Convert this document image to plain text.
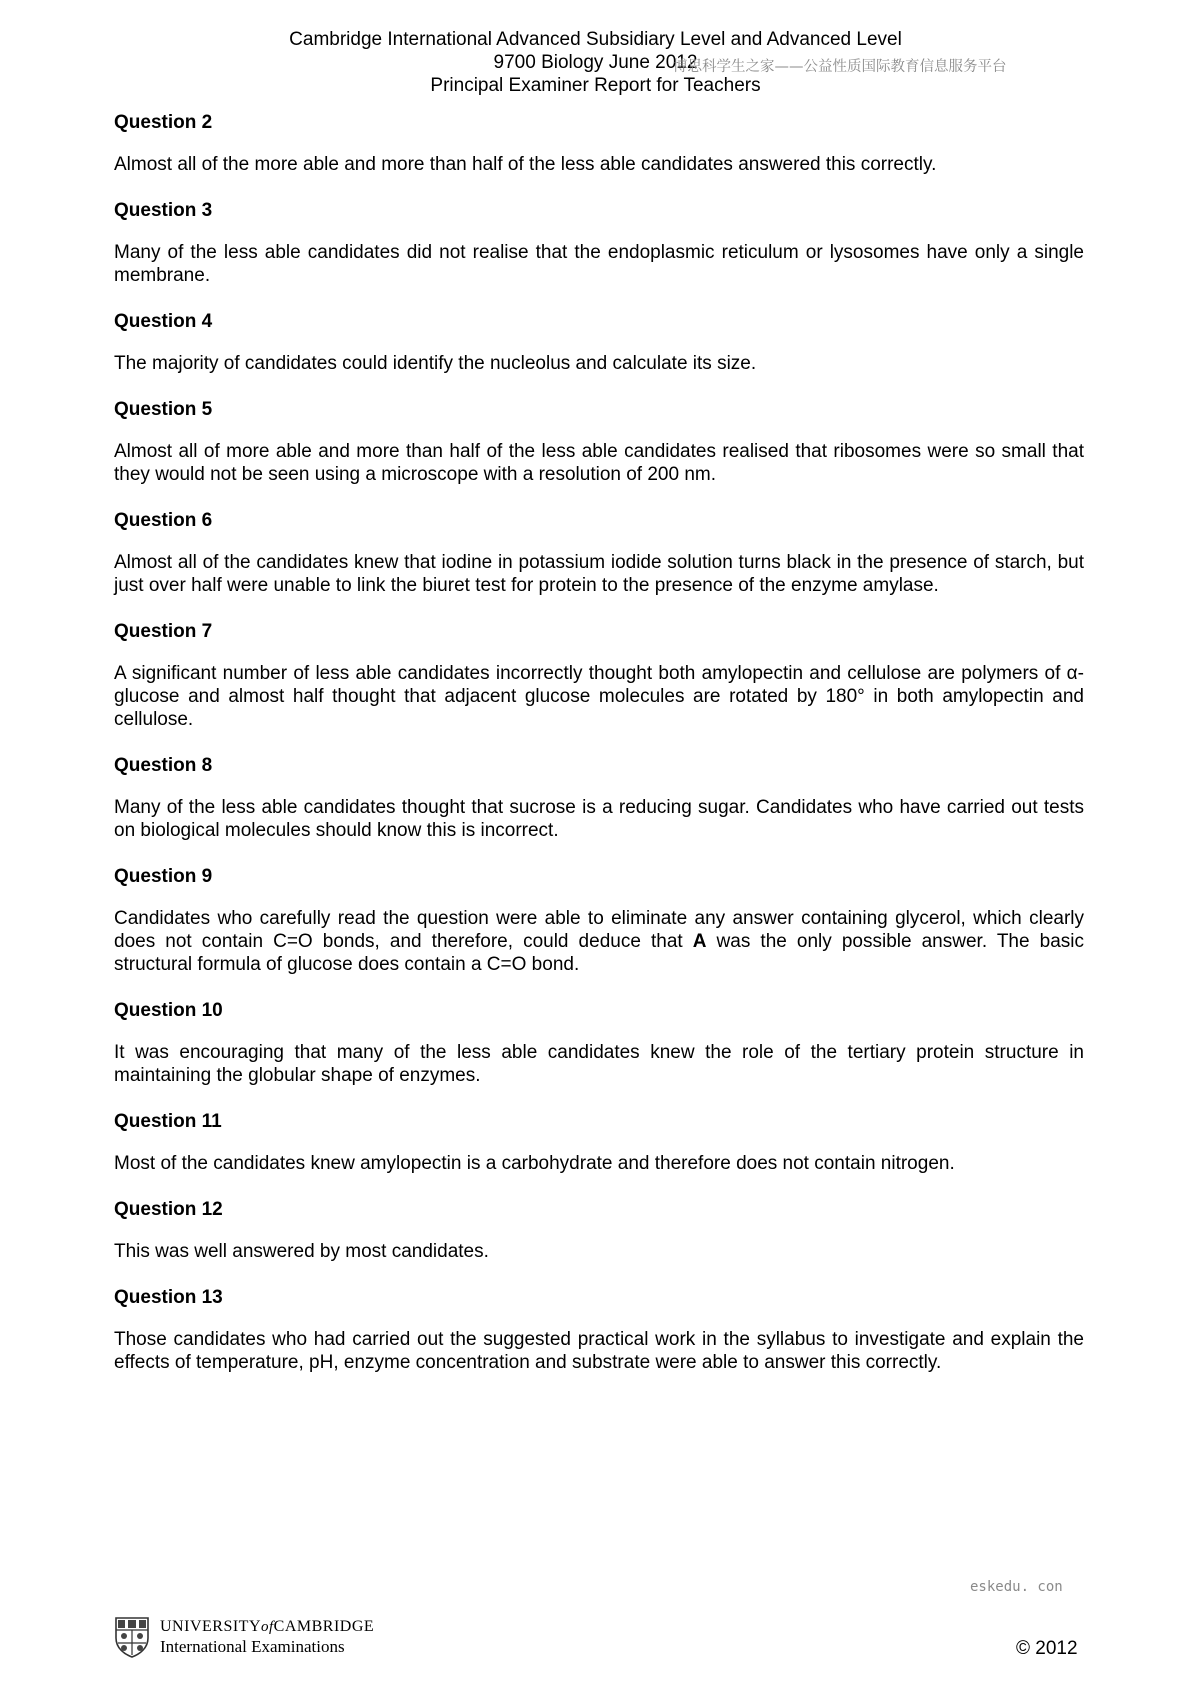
Cambridge International Advanced Subsidiary Level and Advanced Level
9700 Biology June 2012
Principal Examiner Report for Teachers
博思科学生之家——公益性质国际教育信息服务平台

Question 2

Almost all of the more able and more than half of the less able candidates answered this correctly.

Question 3

Many of the less able candidates did not realise that the endoplasmic reticulum or lysosomes have only a single membrane.

Question 4

The majority of candidates could identify the nucleolus and calculate its size.

Question 5

Almost all of more able and more than half of the less able candidates realised that ribosomes were so small that they would not be seen using a microscope with a resolution of 200 nm.

Question 6

Almost all of the candidates knew that iodine in potassium iodide solution turns black in the presence of starch, but just over half were unable to link the biuret test for protein to the presence of the enzyme amylase.

Question 7

A significant number of less able candidates incorrectly thought both amylopectin and cellulose are polymers of α-glucose and almost half thought that adjacent glucose molecules are rotated by 180° in both amylopectin and cellulose.

Question 8

Many of the less able candidates thought that sucrose is a reducing sugar. Candidates who have carried out tests on biological molecules should know this is incorrect.

Question 9

Candidates who carefully read the question were able to eliminate any answer containing glycerol, which clearly does not contain C=O bonds, and therefore, could deduce that A was the only possible answer. The basic structural formula of glucose does contain a C=O bond.

Question 10

It was encouraging that many of the less able candidates knew the role of the tertiary protein structure in maintaining the globular shape of enzymes.

Question 11

Most of the candidates knew amylopectin is a carbohydrate and therefore does not contain nitrogen.

Question 12

This was well answered by most candidates.

Question 13

Those candidates who had carried out the suggested practical work in the syllabus to investigate and explain the effects of temperature, pH, enzyme concentration and substrate were able to answer this correctly.

eskedu. con
UNIVERSITYofCAMBRIDGE
International Examinations	© 2012
